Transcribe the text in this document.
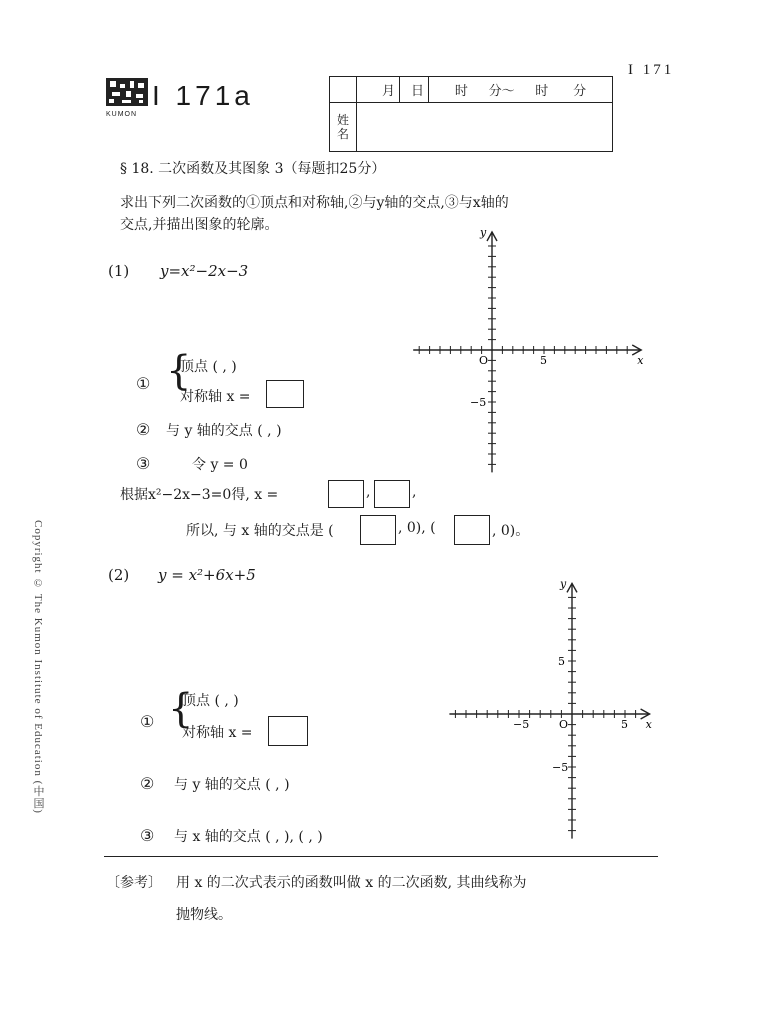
KUMON
I 171a
I 171
	月	日	时 分〜 时 分
姓
名			
§ 18. 二次函数及其图象 3（每题扣25分）
求出下列二次函数的①顶点和对称轴,②与y轴的交点,③与x轴的
交点,并描出图象的轮廓。
(1) y=x²−2x−3
① {
顶点 ( , )
对称轴 x =
② 与 y 轴的交点 ( , )
③	令 y = 0
根据x²−2x−3=0得, x =	,	,
所以, 与 x 轴的交点是 (	, 0), (	, 0)。
x
y
O	5
−5
(2) y = x²+6x+5
① {
顶点 ( , )
对称轴 x =
② 与 y 轴的交点 ( , )
③ 与 x 轴的交点 ( , ), ( , )
x
y
O
−5	5
5
−5
〔参考〕 用 x 的二次式表示的函数叫做 x 的二次函数, 其曲线称为
抛物线。
Copyright © The Kumon Institute of Education (中国)
